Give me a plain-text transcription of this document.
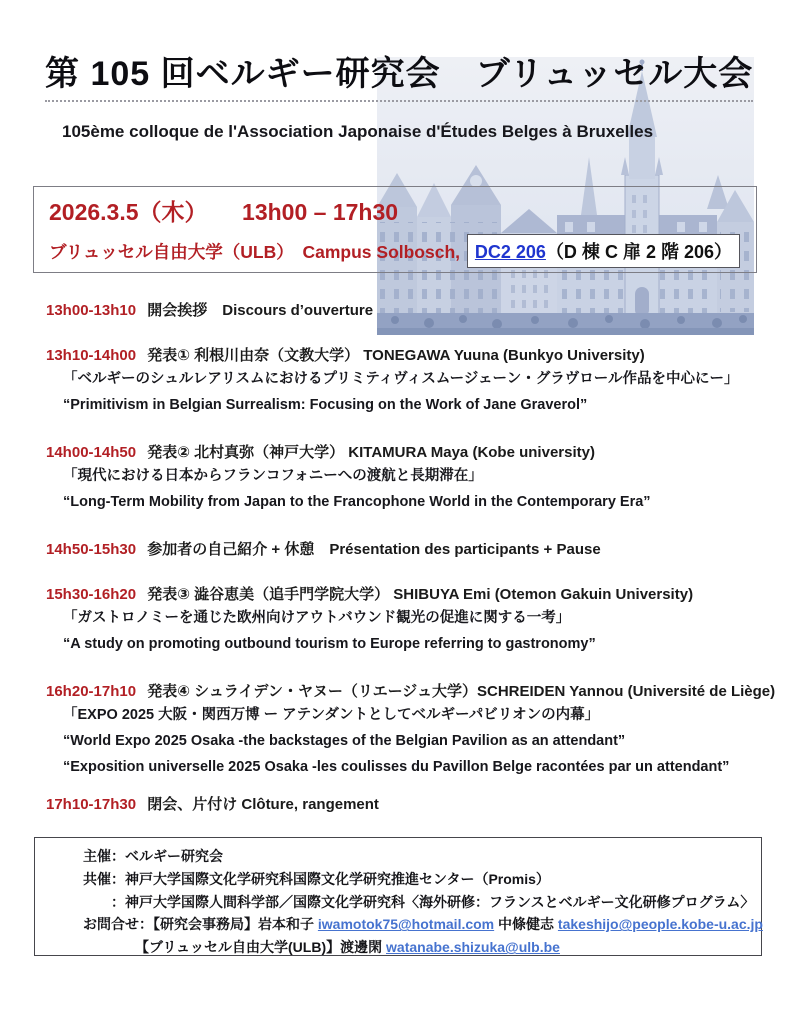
第 105 回ベルギー研究会　ブリュッセル大会
105ème colloque de l'Association Japonaise d'Études Belges à Bruxelles
2026.3.5（木）　　13h00 – 17h30
ブリュッセル自由大学（ULB）　Campus Solbosch, DC2 206（D 棟 C 扉 2 階 206）
13h00-13h10 開会挨拶　Discours d’ouverture
13h10-14h00 発表① 利根川由奈（文教大学） TONEGAWA Yuuna (Bunkyo University)
「ベルギーのシュルレアリスムにおけるプリミティヴィスムージェーン・グラヴロール作品を中心にー」
“Primitivism in Belgian Surrealism: Focusing on the Work of Jane Graverol”
14h00-14h50 発表② 北村真弥（神戸大学） KITAMURA Maya (Kobe university)
「現代における日本からフランコフォニーへの渡航と長期滞在」
“Long-Term Mobility from Japan to the Francophone World in the Contemporary Era”
14h50-15h30 参加者の自己紹介 + 休憩　Présentation des participants + Pause
15h30-16h20 発表③ 澁谷恵美（追手門学院大学） SHIBUYA Emi (Otemon Gakuin University)
「ガストロノミーを通じた欧州向けアウトバウンド観光の促進に関する一考」
“A study on promoting outbound tourism to Europe referring to gastronomy”
16h20-17h10 発表④ シュライデン・ヤヌー（リエージュ大学）SCHREIDEN Yannou (Université de Liège)
「EXPO 2025 大阪・関西万博 ー アテンダントとしてベルギーパビリオンの内幕」
“World Expo 2025 Osaka -the backstages of the Belgian Pavilion as an attendant”
“Exposition universelle 2025 Osaka -les coulisses du Pavillon Belge racontées par un attendant”
17h10-17h30 閉会、片付け Clôture, rangement
主催：ベルギー研究会
共催：神戸大学国際文化学研究科国際文化学研究推進センター（Promis）
　　：神戸大学国際人間科学部／国際文化学研究科〈海外研修：フランスとベルギー文化研修プログラム〉
お問合せ：【研究会事務局】岩本和子 iwamotok75@hotmail.com 中條健志 takeshijo@people.kobe-u.ac.jp
【ブリュッセル自由大学(ULB)】渡邊閑 watanabe.shizuka@ulb.be
